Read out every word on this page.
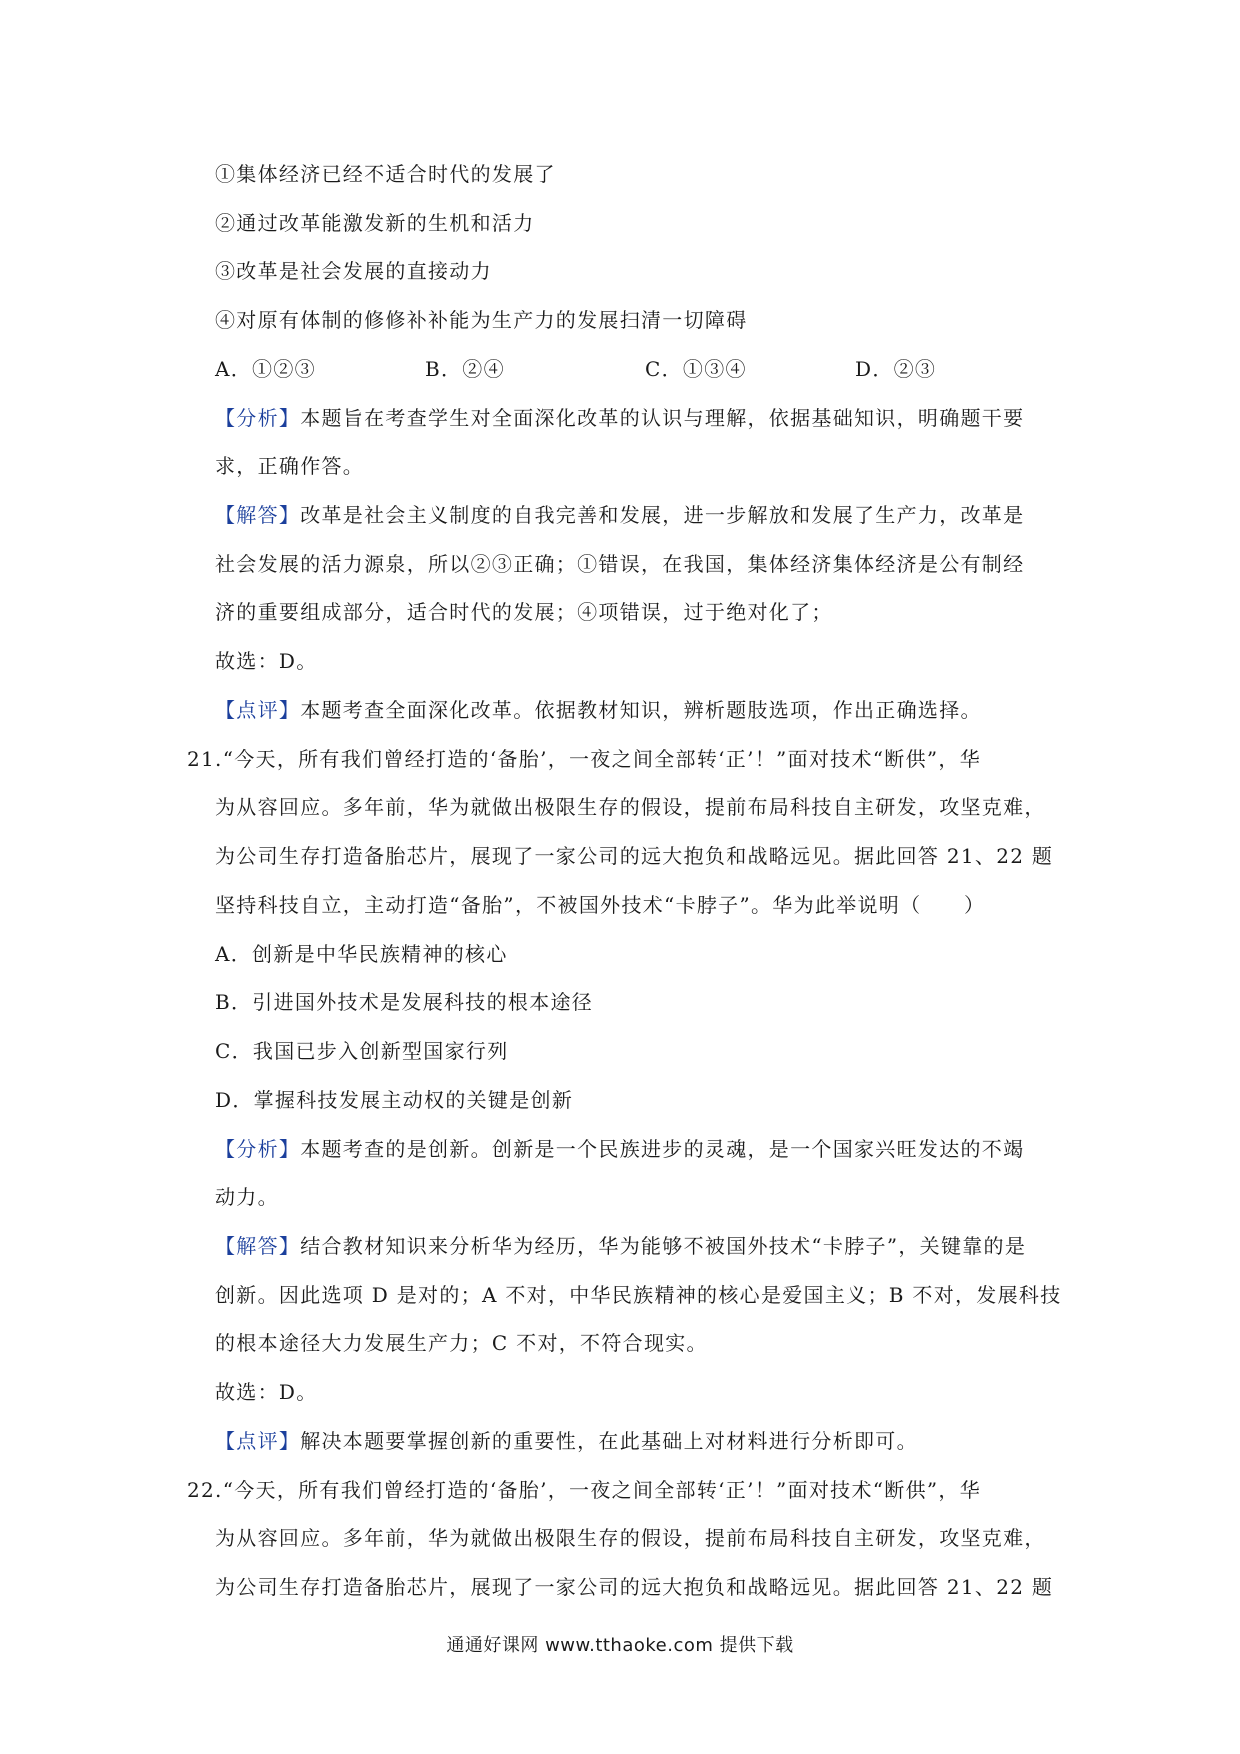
①集体经济已经不适合时代的发展了
②通过改革能激发新的生机和活力
③改革是社会发展的直接动力
④对原有体制的修修补补能为生产力的发展扫清一切障碍
A．①②③	B．②④	C．①③④	D．②③
【分析】本题旨在考查学生对全面深化改革的认识与理解，依据基础知识，明确题干要
求，正确作答。
【解答】改革是社会主义制度的自我完善和发展，进一步解放和发展了生产力，改革是
社会发展的活力源泉，所以②③正确；①错误，在我国，集体经济集体经济是公有制经
济的重要组成部分，适合时代的发展；④项错误，过于绝对化了；
故选：D。
【点评】本题考查全面深化改革。依据教材知识，辨析题肢选项，作出正确选择。
21.“今天，所有我们曾经打造的‘备胎’，一夜之间全部转‘正’！”面对技术“断供”，华
为从容回应。多年前，华为就做出极限生存的假设，提前布局科技自主研发，攻坚克难，
为公司生存打造备胎芯片，展现了一家公司的远大抱负和战略远见。据此回答 21、22 题
坚持科技自立，主动打造“备胎”，不被国外技术“卡脖子”。华为此举说明（　　）
A．创新是中华民族精神的核心
B．引进国外技术是发展科技的根本途径
C．我国已步入创新型国家行列
D．掌握科技发展主动权的关键是创新
【分析】本题考查的是创新。创新是一个民族进步的灵魂，是一个国家兴旺发达的不竭
动力。
【解答】结合教材知识来分析华为经历，华为能够不被国外技术“卡脖子”，关键靠的是
创新。因此选项 D 是对的；A 不对，中华民族精神的核心是爱国主义；B 不对，发展科技
的根本途径大力发展生产力；C 不对，不符合现实。
故选：D。
【点评】解决本题要掌握创新的重要性，在此基础上对材料进行分析即可。
22.“今天，所有我们曾经打造的‘备胎’，一夜之间全部转‘正’！”面对技术“断供”，华
为从容回应。多年前，华为就做出极限生存的假设，提前布局科技自主研发，攻坚克难，
为公司生存打造备胎芯片，展现了一家公司的远大抱负和战略远见。据此回答 21、22 题
通通好课网 www.tthaoke.com 提供下载
